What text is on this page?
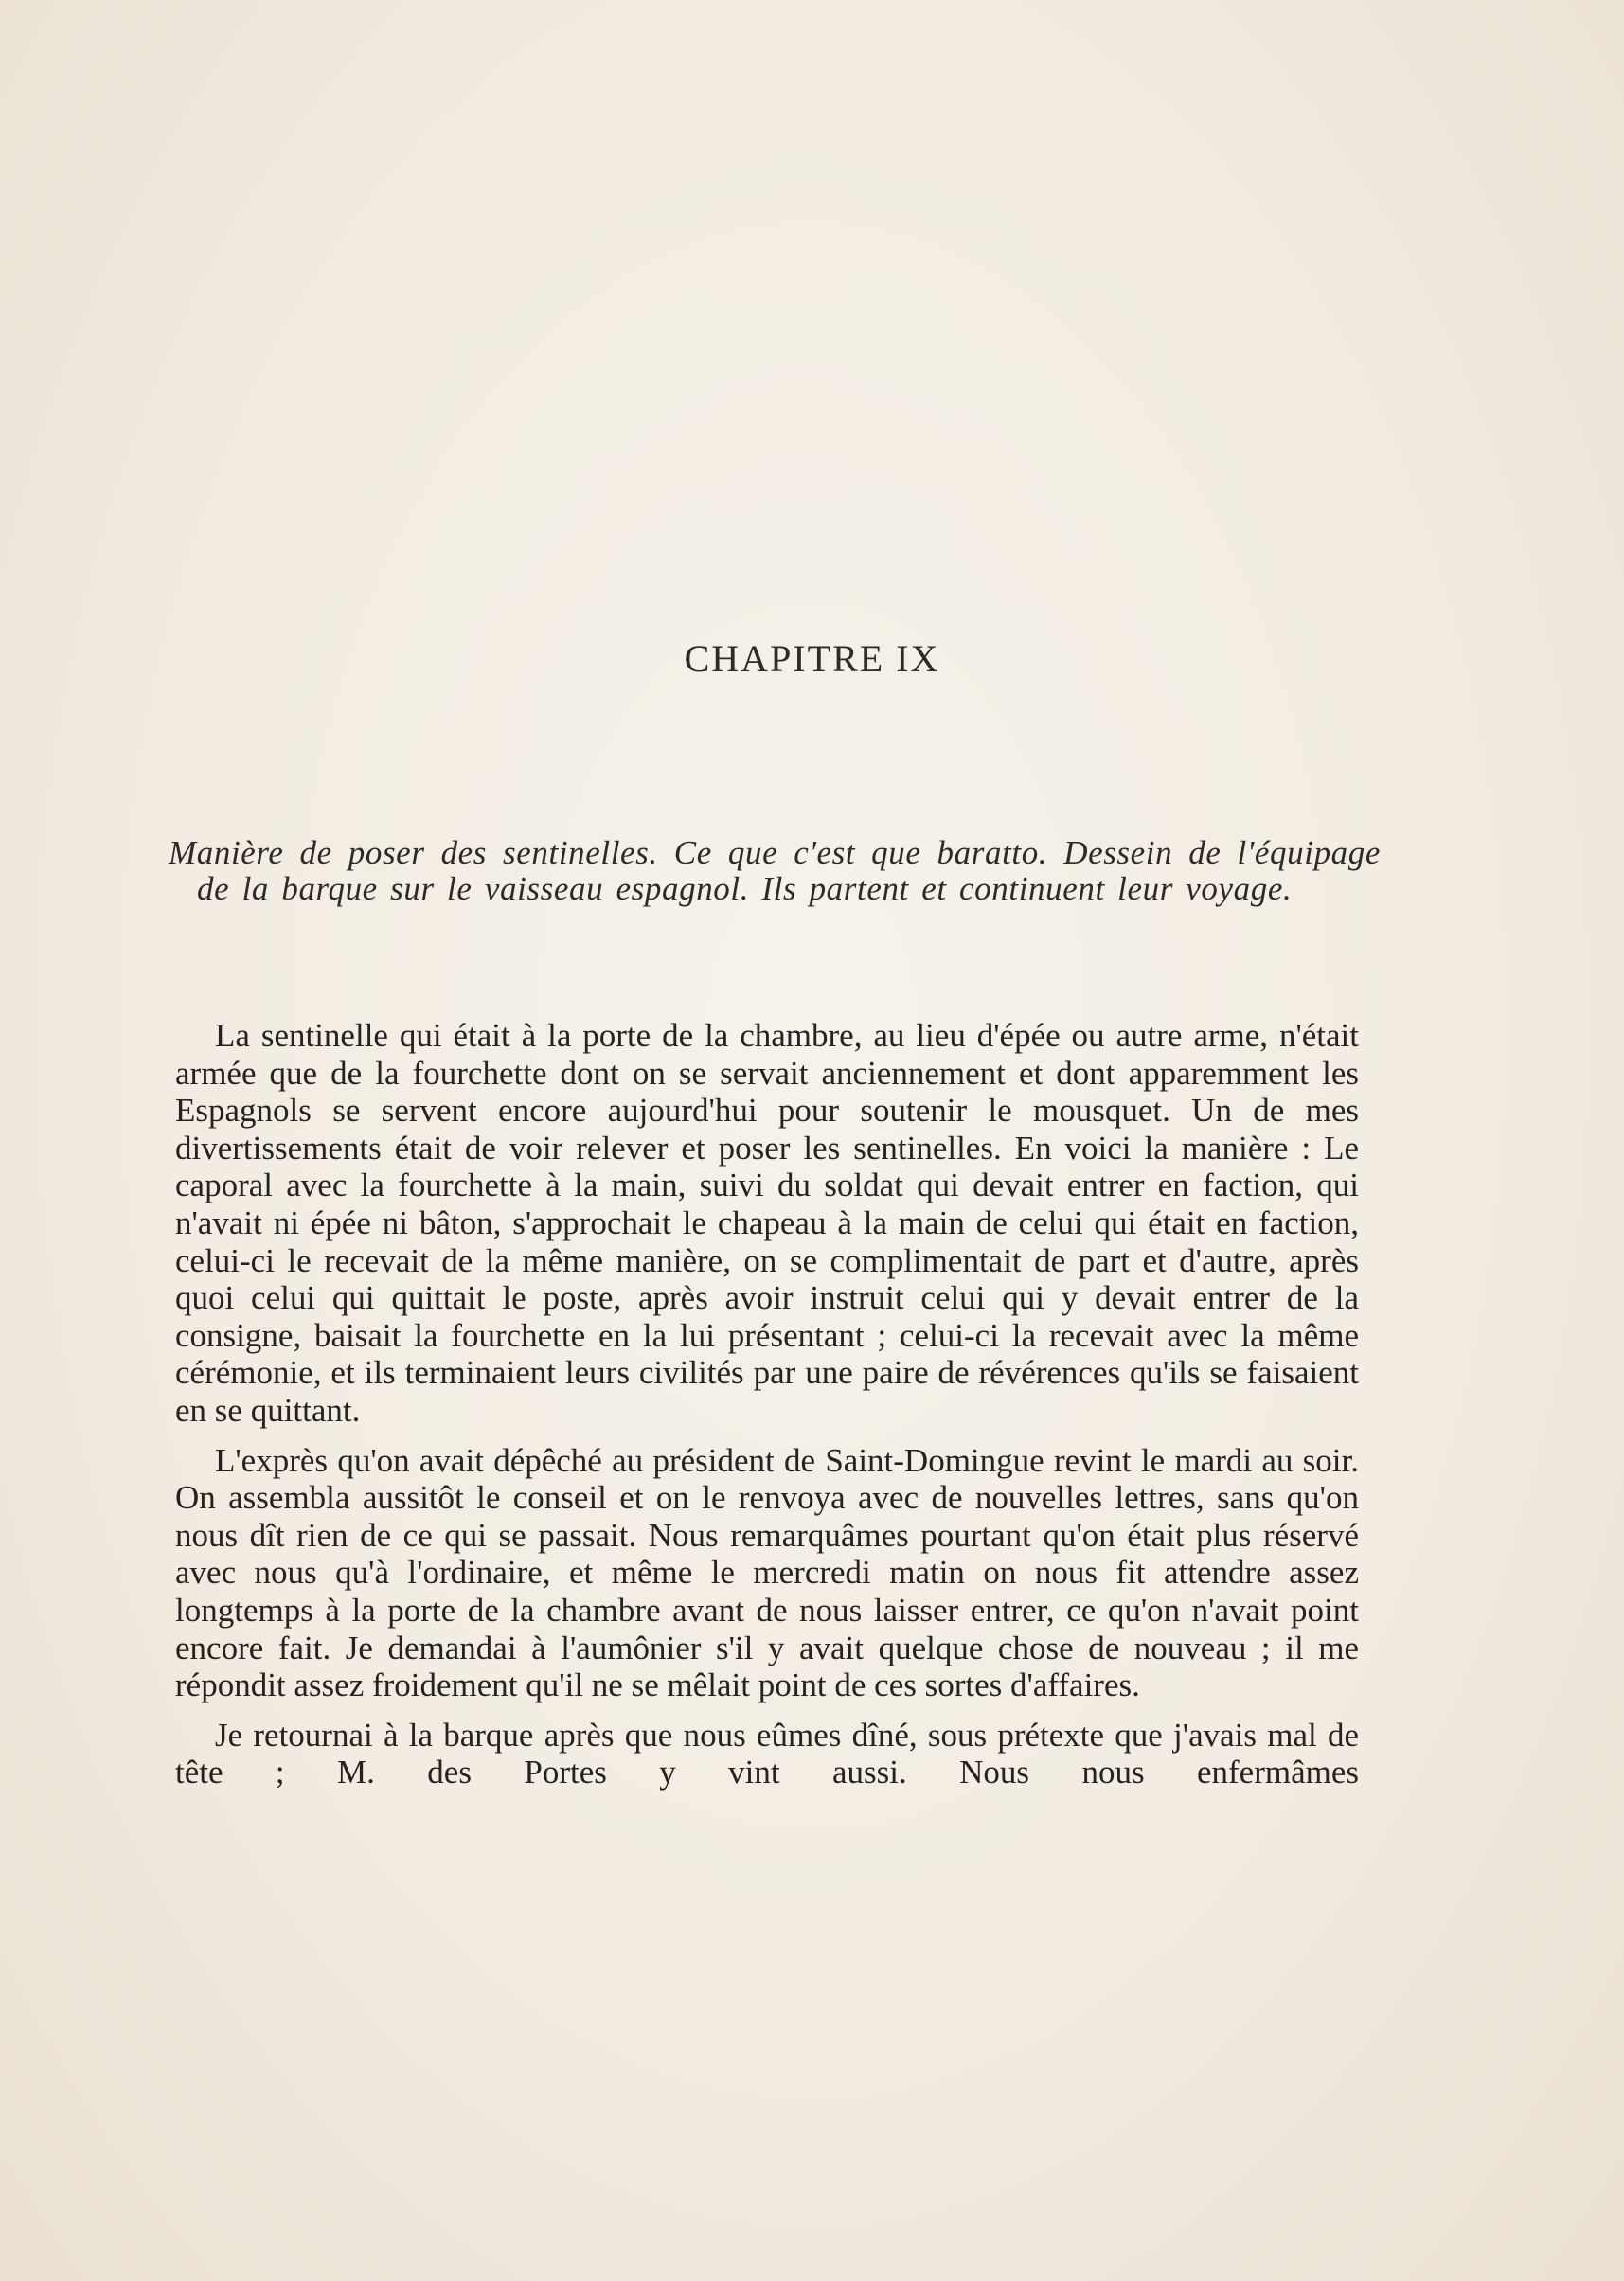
CHAPITRE IX
Manière de poser des sentinelles. Ce que c'est que baratto. Dessein de l'équipage de la barque sur le vaisseau espagnol. Ils partent et continuent leur voyage.

La sentinelle qui était à la porte de la chambre, au lieu d'épée ou autre arme, n'était armée que de la fourchette dont on se servait anciennement et dont apparemment les Espagnols se servent encore aujourd'hui pour soutenir le mousquet. Un de mes divertissements était de voir relever et poser les sentinelles. En voici la manière : Le caporal avec la fourchette à la main, suivi du soldat qui devait entrer en faction, qui n'avait ni épée ni bâton, s'approchait le chapeau à la main de celui qui était en faction, celui-ci le recevait de la même manière, on se complimentait de part et d'autre, après quoi celui qui quittait le poste, après avoir instruit celui qui y devait entrer de la consigne, baisait la fourchette en la lui présentant ; celui-ci la recevait avec la même cérémonie, et ils terminaient leurs civilités par une paire de révérences qu'ils se faisaient en se quittant.

L'exprès qu'on avait dépêché au président de Saint-Domingue revint le mardi au soir. On assembla aussitôt le conseil et on le renvoya avec de nouvelles lettres, sans qu'on nous dît rien de ce qui se passait. Nous remarquâmes pourtant qu'on était plus réservé avec nous qu'à l'ordinaire, et même le mercredi matin on nous fit attendre assez longtemps à la porte de la chambre avant de nous laisser entrer, ce qu'on n'avait point encore fait. Je demandai à l'aumônier s'il y avait quelque chose de nouveau ; il me répondit assez froidement qu'il ne se mêlait point de ces sortes d'affaires.

Je retournai à la barque après que nous eûmes dîné, sous prétexte que j'avais mal de tête ; M. des Portes y vint aussi. Nous nous enfermâmes
